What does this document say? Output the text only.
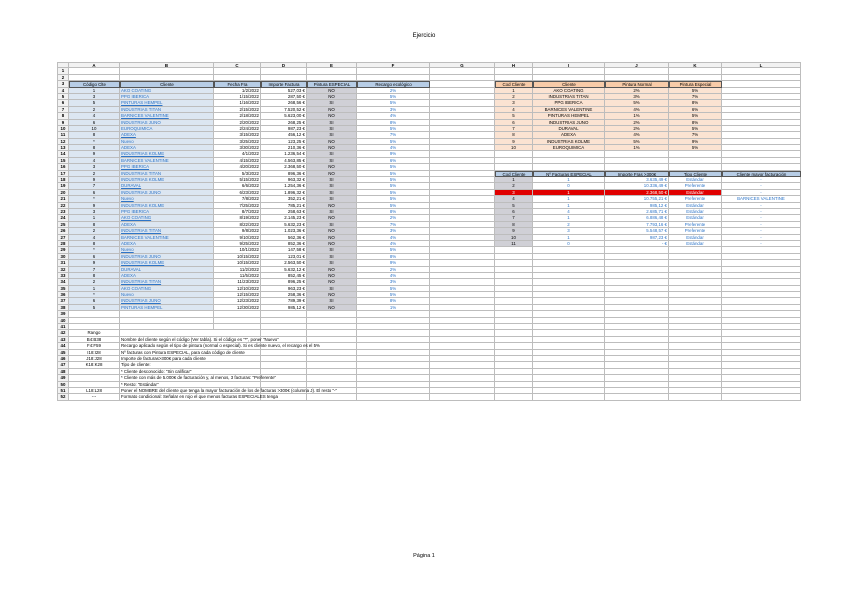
Ejercicio
A	B	C	D	E	F	G	H	I	J	K	L
1
2
3	Código Clte	Cliente	Fecha Fra	Importe Factura	Pintura ESPECIAL	Recargo ecológico	Cod Cliente	Cliente	Pintura Normal	Pintura Especial
4	1	AKO COATING	1/2/2022	527,03 €	NO	2%	1	AKO COATING	2%	5%
5	3	PPG IBERICA	1/15/2022	287,50 €	NO	5%	2	INDUSTRIAS TITAN	3%	7%
6	5	PINTURAS HEMPEL	1/16/2022	268,56 €	SI	5%	3	PPG IBERICA	5%	8%
7	2	INDUSTRIAS TITAN	2/15/2022	7.520,52 €	NO	3%	4	BARNICES VALENTINE	4%	6%
8	4	BARNICES VALENTINE	2/18/2022	5.623,00 €	NO	4%	5	PINTURAS HEMPEL	1%	5%
9	6	INDUSTRIAS JUNO	2/20/2022	268,25 €	SI	8%	6	INDUSTRIAS JUNO	2%	8%
10	10	EUROQUIMICA	2/24/2022	987,23 €	SI	5%	7	DURAVAL	2%	5%
11	8	ADEXA	3/15/2022	456,12 €	SI	7%	8	ADEXA	4%	7%
12	*	Nuevo	3/25/2022	123,25 €	NO	5%	9	INDUSTRIAS KOLME	5%	9%
13	8	ADEXA	3/30/2022	210,36 €	NO	4%	10	EUROQUIMICA	1%	5%
14	9	INDUSTRIAS KOLME	4/1/2022	1.236,54 €	SI	9%
15	4	BARNICES VALENTINE	4/15/2022	4.563,85 €	SI	6%
16	3	PPG IBERICA	4/20/2022	2.368,50 €	NO	5%
17	2	INDUSTRIAS TITAN	5/3/2022	896,36 €	NO	5%	Cod Cliente	Nº Facturas ESPECIAL	Importe Fras >300€	Tipo Cliente	Cliente mayor facturación
18	9	INDUSTRIAS KOLME	5/15/2022	963,32 €	SI	5%	1	1	3.635,49 €	Estándar	-
19	7	DURAVAL	6/6/2022	1.254,36 €	SI	5%	2	0	10.336,49 €	Preferente	-
20	6	INDUSTRIAS JUNO	6/23/2022	1.896,32 €	SI	5%	3	1	2.368,50 €	Estándar	-
21	*	Nuevo	7/8/2022	352,21 €	SI	5%	4	1	10.755,21 €	Preferente	BARNICES VALENTINE
22	9	INDUSTRIAS KOLME	7/25/2022	785,21 €	NO	5%	5	1	985,12 €	Estándar	-
23	3	PPG IBERICA	8/7/2022	258,63 €	SI	8%	6	4	2.685,71 €	Estándar	-
24	1	AKO COATING	8/19/2022	2.145,23 €	NO	2%	7	1	6.886,48 €	Estándar	-
25	8	ADEXA	8/22/2022	5.632,23 €	SI	7%	8	2	7.793,16 €	Preferente	-
26	2	INDUSTRIAS TITAN	9/8/2022	1.023,36 €	NO	3%	9	3	5.548,57 €	Preferente	-
27	4	BARNICES VALENTINE	9/10/2022	562,36 €	NO	4%	10	1	987,23 €	Estándar	-
28	8	ADEXA	9/25/2022	852,36 €	NO	4%	11	0	- €	Estándar	-
29	*	Nuevo	10/1/2022	147,58 €	SI	5%
30	6	INDUSTRIAS JUNO	10/15/2022	123,01 €	SI	8%
31	9	INDUSTRIAS KOLME	10/15/2022	2.563,50 €	SI	9%
32	7	DURAVAL	11/2/2022	5.632,12 €	NO	2%
33	8	ADEXA	11/5/2022	852,45 €	NO	4%
34	2	INDUSTRIAS TITAN	11/23/2022	896,25 €	NO	3%
35	1	AKO COATING	12/10/2022	963,23 €	SI	5%
36	*	Nuevo	12/15/2022	258,36 €	NO	5%
37	6	INDUSTRIAS JUNO	12/23/2022	789,39 €	SI	8%
38	5	PINTURAS HEMPEL	12/30/2022	985,12 €	NO	1%
39
40
41
42	Rango
43	B4:B38	Nombre del cliente según el código (Ver tabla). Si el código es "*", poner "Nuevo"
44	F4:F59	Recargo aplicado según el tipo de pintura (normal o especial). Si es cliente nuevo, el recargo es el 5%
45	I18:I28	Nº facturas con Pintura ESPECIAL, para cada código de cliente
46	J18:J28	Importe de facturas>300€ para cada cliente
47	K18:K28	Tipo de cliente:
48	* Cliente desconocido: "Sin calificar"
49	* Cliente con más de 5.000€ de facturación y, al menos, 3 facturas: "Preferente"
50	* Resto: "Estándar"
51	L18:L28	Poner el NOMBRE del cliente que tenga la mayor facturación de los de facturas >300€ (columna J). El resto "-"
52	---	Formato condicional: Señalar en rojo el que menos facturas ESPECIALES tenga
Página 1
